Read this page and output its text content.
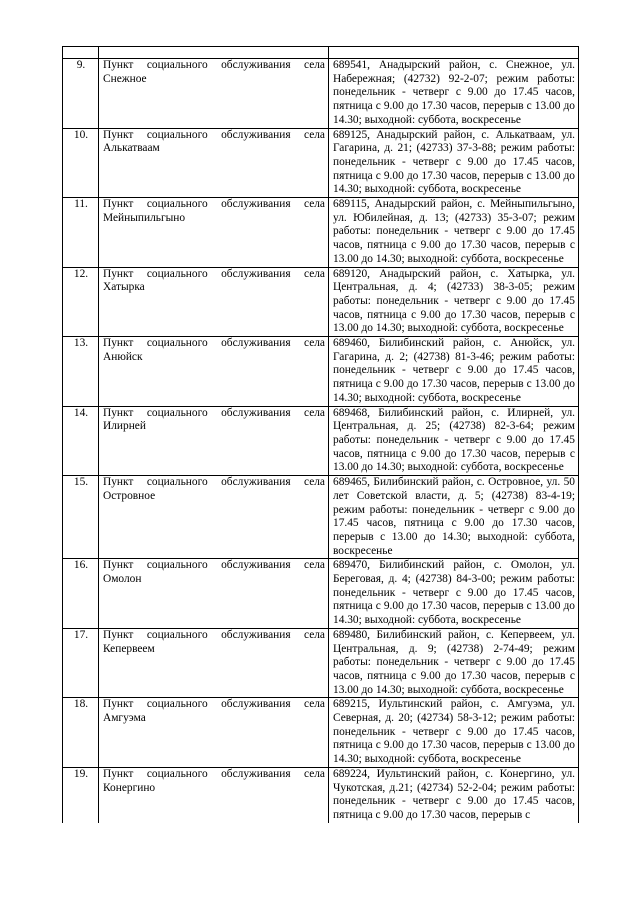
9.	Пункт социального обслуживания села Снежное	689541, Анадырский район, с. Снежное, ул. Набережная; (42732) 92-2-07; режим работы: понедельник - четверг с 9.00 до 17.45 часов, пятница с 9.00 до 17.30 часов, перерыв с 13.00 до 14.30; выходной: суббота, воскресенье
10.	Пункт социального обслуживания села Алькатваам	689125, Анадырский район, с. Алькатваам, ул. Гагарина, д. 21; (42733) 37-3-88; режим работы: понедельник - четверг с 9.00 до 17.45 часов, пятница с 9.00 до 17.30 часов, перерыв с 13.00 до 14.30; выходной: суббота, воскресенье
11.	Пункт социального обслуживания села Мейныпильгыно	689115, Анадырский район, с. Мейныпильгыно, ул. Юбилейная, д. 13; (42733) 35-3-07; режим работы: понедельник - четверг с 9.00 до 17.45 часов, пятница с 9.00 до 17.30 часов, перерыв с 13.00 до 14.30; выходной: суббота, воскресенье
12.	Пункт социального обслуживания села Хатырка	689120, Анадырский район, с. Хатырка, ул. Центральная, д. 4; (42733) 38-3-05; режим работы: понедельник - четверг с 9.00 до 17.45 часов, пятница с 9.00 до 17.30 часов, перерыв с 13.00 до 14.30; выходной: суббота, воскресенье
13.	Пункт социального обслуживания села Анюйск	689460, Билибинский район, с. Анюйск, ул. Гагарина, д. 2; (42738) 81-3-46; режим работы: понедельник - четверг с 9.00 до 17.45 часов, пятница с 9.00 до 17.30 часов, перерыв с 13.00 до 14.30; выходной: суббота, воскресенье
14.	Пункт социального обслуживания села Илирней	689468, Билибинский район, с. Илирней, ул. Центральная, д. 25; (42738) 82-3-64; режим работы: понедельник - четверг с 9.00 до 17.45 часов, пятница с 9.00 до 17.30 часов, перерыв с 13.00 до 14.30; выходной: суббота, воскресенье
15.	Пункт социального обслуживания села Островное	689465, Билибинский район, с. Островное, ул. 50 лет Советской власти, д. 5; (42738) 83-4-19; режим работы: понедельник - четверг с 9.00 до 17.45 часов, пятница с 9.00 до 17.30 часов, перерыв с 13.00 до 14.30; выходной: суббота, воскресенье
16.	Пункт социального обслуживания села Омолон	689470, Билибинский район, с. Омолон, ул. Береговая, д. 4; (42738) 84-3-00; режим работы: понедельник - четверг с 9.00 до 17.45 часов, пятница с 9.00 до 17.30 часов, перерыв с 13.00 до 14.30; выходной: суббота, воскресенье
17.	Пункт социального обслуживания села Кепервеем	689480, Билибинский район, с. Кепервеем, ул. Центральная, д. 9; (42738) 2-74-49; режим работы: понедельник - четверг с 9.00 до 17.45 часов, пятница с 9.00 до 17.30 часов, перерыв с 13.00 до 14.30; выходной: суббота, воскресенье
18.	Пункт социального обслуживания села Амгуэма	689215, Иультинский район, с. Амгуэма, ул. Северная, д. 20; (42734) 58-3-12; режим работы: понедельник - четверг с 9.00 до 17.45 часов, пятница с 9.00 до 17.30 часов, перерыв с 13.00 до 14.30; выходной: суббота, воскресенье
19.	Пункт социального обслуживания села Конергино	689224, Иультинский район, с. Конергино, ул. Чукотская, д.21; (42734) 52-2-04; режим работы: понедельник - четверг с 9.00 до 17.45 часов, пятница с 9.00 до 17.30 часов, перерыв с
